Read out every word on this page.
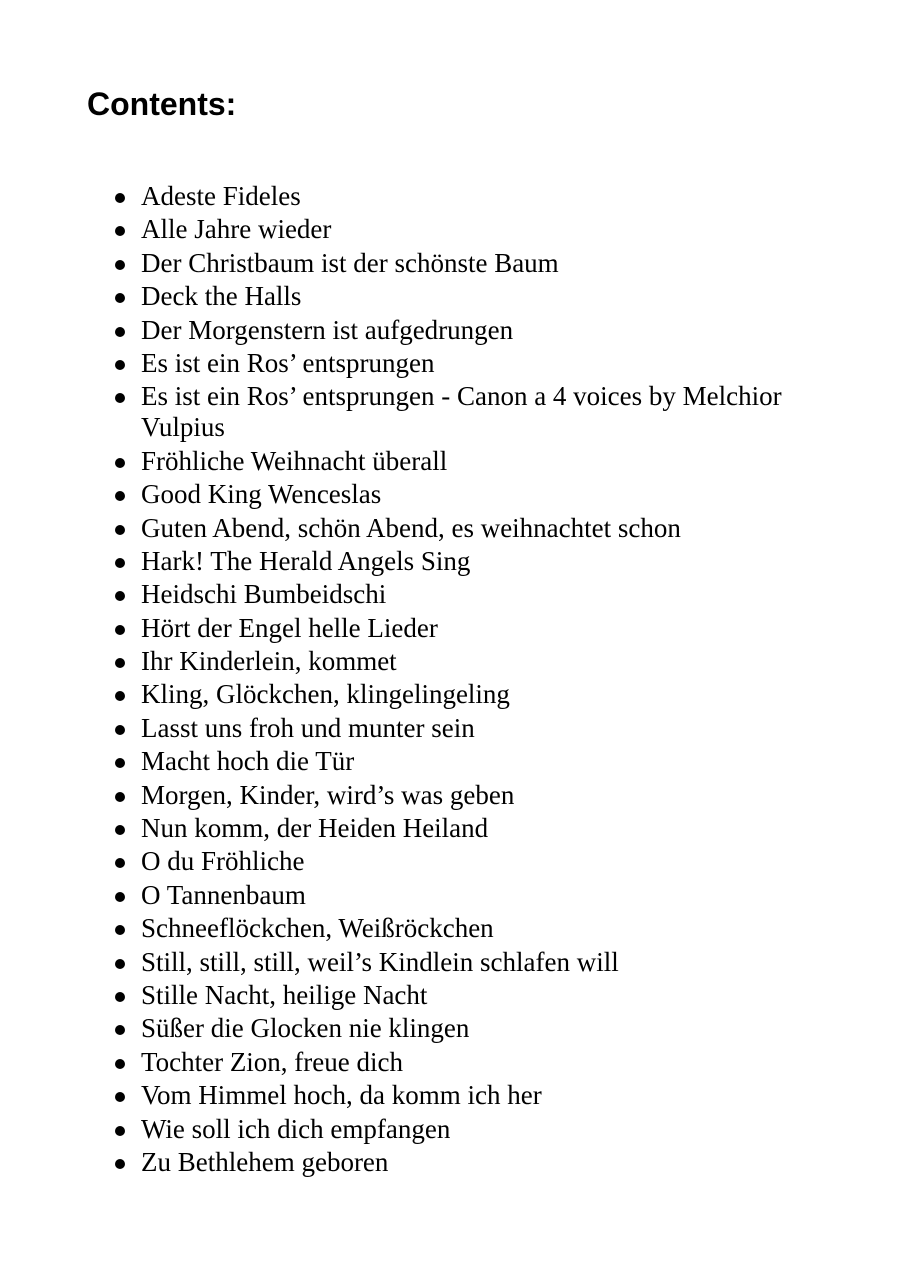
Contents:
Adeste Fideles
Alle Jahre wieder
Der Christbaum ist der schönste Baum
Deck the Halls
Der Morgenstern ist aufgedrungen
Es ist ein Ros’ entsprungen
Es ist ein Ros’ entsprungen - Canon a 4 voices by Melchior Vulpius
Fröhliche Weihnacht überall
Good King Wenceslas
Guten Abend, schön Abend, es weihnachtet schon
Hark! The Herald Angels Sing
Heidschi Bumbeidschi
Hört der Engel helle Lieder
Ihr Kinderlein, kommet
Kling, Glöckchen, klingelingeling
Lasst uns froh und munter sein
Macht hoch die Tür
Morgen, Kinder, wird’s was geben
Nun komm, der Heiden Heiland
O du Fröhliche
O Tannenbaum
Schneeflöckchen, Weißröckchen
Still, still, still, weil’s Kindlein schlafen will
Stille Nacht, heilige Nacht
Süßer die Glocken nie klingen
Tochter Zion, freue dich
Vom Himmel hoch, da komm ich her
Wie soll ich dich empfangen
Zu Bethlehem geboren
